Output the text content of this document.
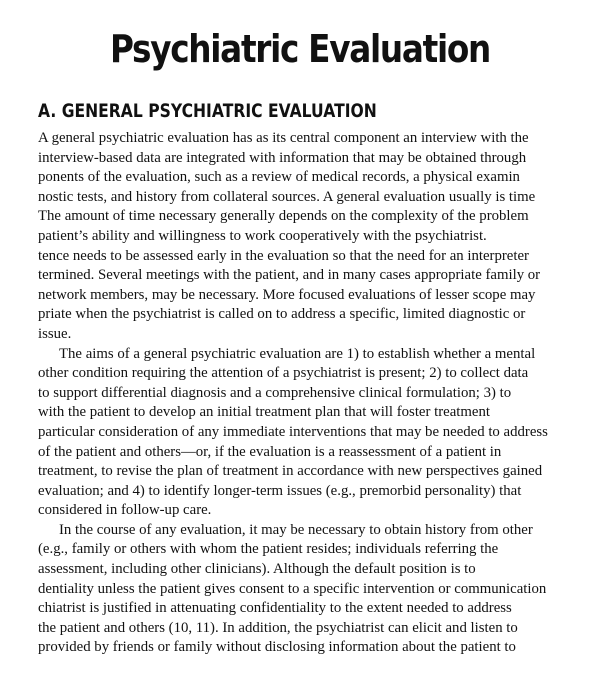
Psychiatric Evaluation
A. GENERAL PSYCHIATRIC EVALUATION
A general psychiatric evaluation has as its central component an interview with the
interview-based data are integrated with information that may be obtained through
ponents of the evaluation, such as a review of medical records, a physical examin
nostic tests, and history from collateral sources. A general evaluation usually is time
The amount of time necessary generally depends on the complexity of the problem
patient’s ability and willingness to work cooperatively with the psychiatrist.
tence needs to be assessed early in the evaluation so that the need for an interpreter
termined. Several meetings with the patient, and in many cases appropriate family or
network members, may be necessary. More focused evaluations of lesser scope may
priate when the psychiatrist is called on to address a specific, limited diagnostic or
issue.
The aims of a general psychiatric evaluation are 1) to establish whether a mental
other condition requiring the attention of a psychiatrist is present; 2) to collect data
to support differential diagnosis and a comprehensive clinical formulation; 3) to
with the patient to develop an initial treatment plan that will foster treatment
particular consideration of any immediate interventions that may be needed to address
of the patient and others—or, if the evaluation is a reassessment of a patient in
treatment, to revise the plan of treatment in accordance with new perspectives gained
evaluation; and 4) to identify longer-term issues (e.g., premorbid personality) that
considered in follow-up care.
In the course of any evaluation, it may be necessary to obtain history from other
(e.g., family or others with whom the patient resides; individuals referring the
assessment, including other clinicians). Although the default position is to
dentiality unless the patient gives consent to a specific intervention or communication
chiatrist is justified in attenuating confidentiality to the extent needed to address
the patient and others (10, 11). In addition, the psychiatrist can elicit and listen to
provided by friends or family without disclosing information about the patient to
